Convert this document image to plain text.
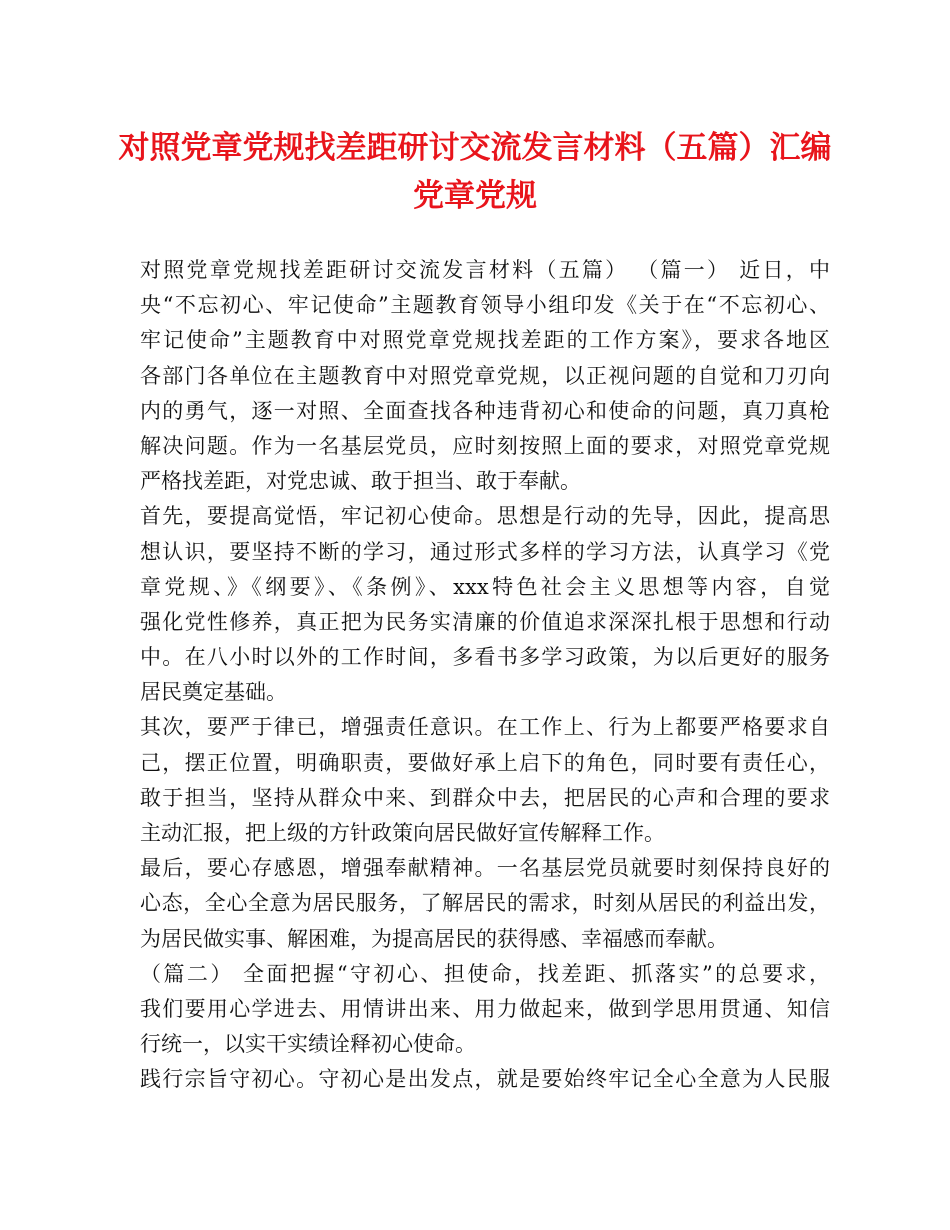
对照党章党规找差距研讨交流发言材料（五篇）汇编
党章党规
对照党章党规找差距研讨交流发言材料（五篇） （篇一） 近日，中
央“不忘初心、牢记使命”主题教育领导小组印发《关于在“不忘初心、
牢记使命”主题教育中对照党章党规找差距的工作方案》，要求各地区
各部门各单位在主题教育中对照党章党规，以正视问题的自觉和刀刃向
内的勇气，逐一对照、全面查找各种违背初心和使命的问题，真刀真枪
解决问题。作为一名基层党员，应时刻按照上面的要求，对照党章党规
严格找差距，对党忠诚、敢于担当、敢于奉献。
首先，要提高觉悟，牢记初心使命。思想是行动的先导，因此，提高思
想认识，要坚持不断的学习，通过形式多样的学习方法，认真学习《党
章党规、》《纲要》、《条例》、xxx特色社会主义思想等内容，自觉
强化党性修养，真正把为民务实清廉的价值追求深深扎根于思想和行动
中。在八小时以外的工作时间，多看书多学习政策，为以后更好的服务
居民奠定基础。
其次，要严于律已，增强责任意识。在工作上、行为上都要严格要求自
己，摆正位置，明确职责，要做好承上启下的角色，同时要有责任心，
敢于担当，坚持从群众中来、到群众中去，把居民的心声和合理的要求
主动汇报，把上级的方针政策向居民做好宣传解释工作。
最后，要心存感恩，增强奉献精神。一名基层党员就要时刻保持良好的
心态，全心全意为居民服务，了解居民的需求，时刻从居民的利益出发，
为居民做实事、解困难，为提高居民的获得感、幸福感而奉献。
（篇二） 全面把握“守初心、担使命，找差距、抓落实”的总要求，
我们要用心学进去、用情讲出来、用力做起来，做到学思用贯通、知信
行统一，以实干实绩诠释初心使命。
践行宗旨守初心。守初心是出发点，就是要始终牢记全心全意为人民服
